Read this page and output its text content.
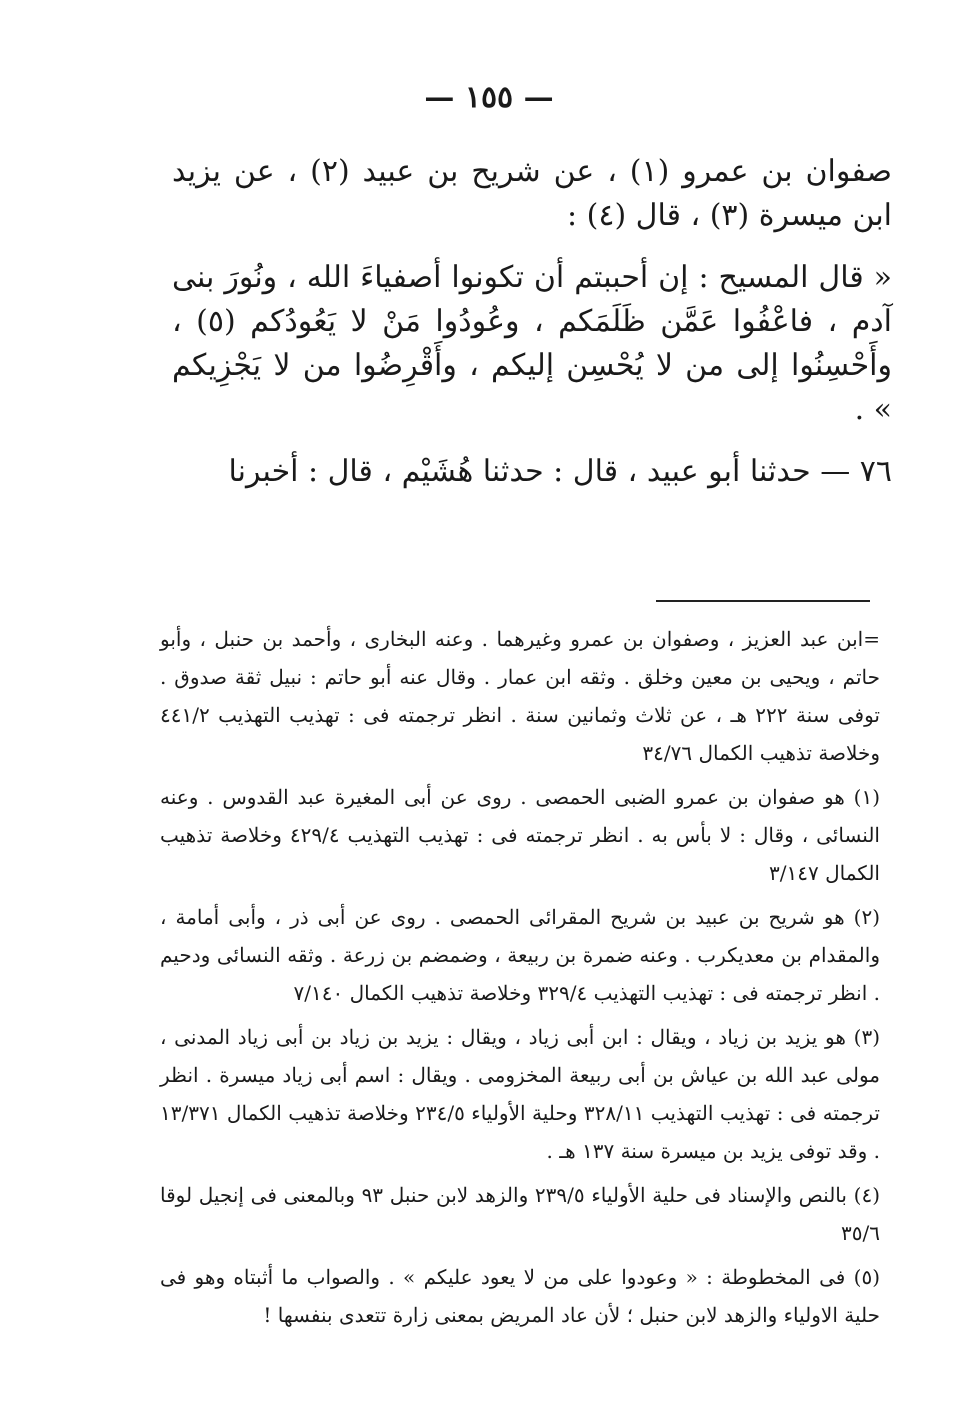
— ١٥٥ —

صفوان بن عمرو (١) ، عن شريح بن عبيد (٢) ، عن يزيد ابن ميسرة (٣) ، قال (٤) :

« قال المسيح : إن أحببتم أن تكونوا أصفياءَ الله ، ونُورَ بنى آدم ، فاعْفُوا عَمَّن ظَلَمَكم ، وعُودُوا مَنْ لا يَعُودُكم (٥) ، وأَحْسِنُوا إلى من لا يُحْسِن إليكم ، وأَقْرِضُوا من لا يَجْزِيكم » .

٧٦ — حدثنا أبو عبيد ، قال : حدثنا هُشَيْم ، قال : أخبرنا

=ابن عبد العزيز ، وصفوان بن عمرو وغيرهما . وعنه البخارى ، وأحمد بن حنبل ، وأبو حاتم ، ويحيى بن معين وخلق . وثقه ابن عمار . وقال عنه أبو حاتم : نبيل ثقة صدوق . توفى سنة ٢٢٢ هـ ، عن ثلاث وثمانين سنة . انظر ترجمته فى : تهذيب التهذيب ٤٤١/٢ وخلاصة تذهيب الكمال ٣٤/٧٦

(١) هو صفوان بن عمرو الضبى الحمصى . روى عن أبى المغيرة عبد القدوس . وعنه النسائى ، وقال : لا بأس به . انظر ترجمته فى : تهذيب التهذيب ٤٢٩/٤ وخلاصة تذهيب الكمال ٣/١٤٧

(٢) هو شريح بن عبيد بن شريح المقرائى الحمصى . روى عن أبى ذر ، وأبى أمامة ، والمقدام بن معديكرب . وعنه ضمرة بن ربيعة ، وضمضم بن زرعة . وثقه النسائى ودحيم . انظر ترجمته فى : تهذيب التهذيب ٣٢٩/٤ وخلاصة تذهيب الكمال ٧/١٤٠

(٣) هو يزيد بن زياد ، ويقال : ابن أبى زياد ، ويقال : يزيد بن زياد بن أبى زياد المدنى ، مولى عبد الله بن عياش بن أبى ربيعة المخزومى . ويقال : اسم أبى زياد ميسرة . انظر ترجمته فى : تهذيب التهذيب ٣٢٨/١١ وحلية الأولياء ٢٣٤/٥ وخلاصة تذهيب الكمال ١٣/٣٧١ . وقد توفى يزيد بن ميسرة سنة ١٣٧ هـ .

(٤) بالنص والإسناد فى حلية الأولياء ٢٣٩/٥ والزهد لابن حنبل ٩٣ وبالمعنى فى إنجيل لوقا ٣٥/٦

(٥) فى المخطوطة : « وعودوا على من لا يعود عليكم » . والصواب ما أثبتاه وهو فى حلية الاولياء والزهد لابن حنبل ؛ لأن عاد المريض بمعنى زارة تتعدى بنفسها !
